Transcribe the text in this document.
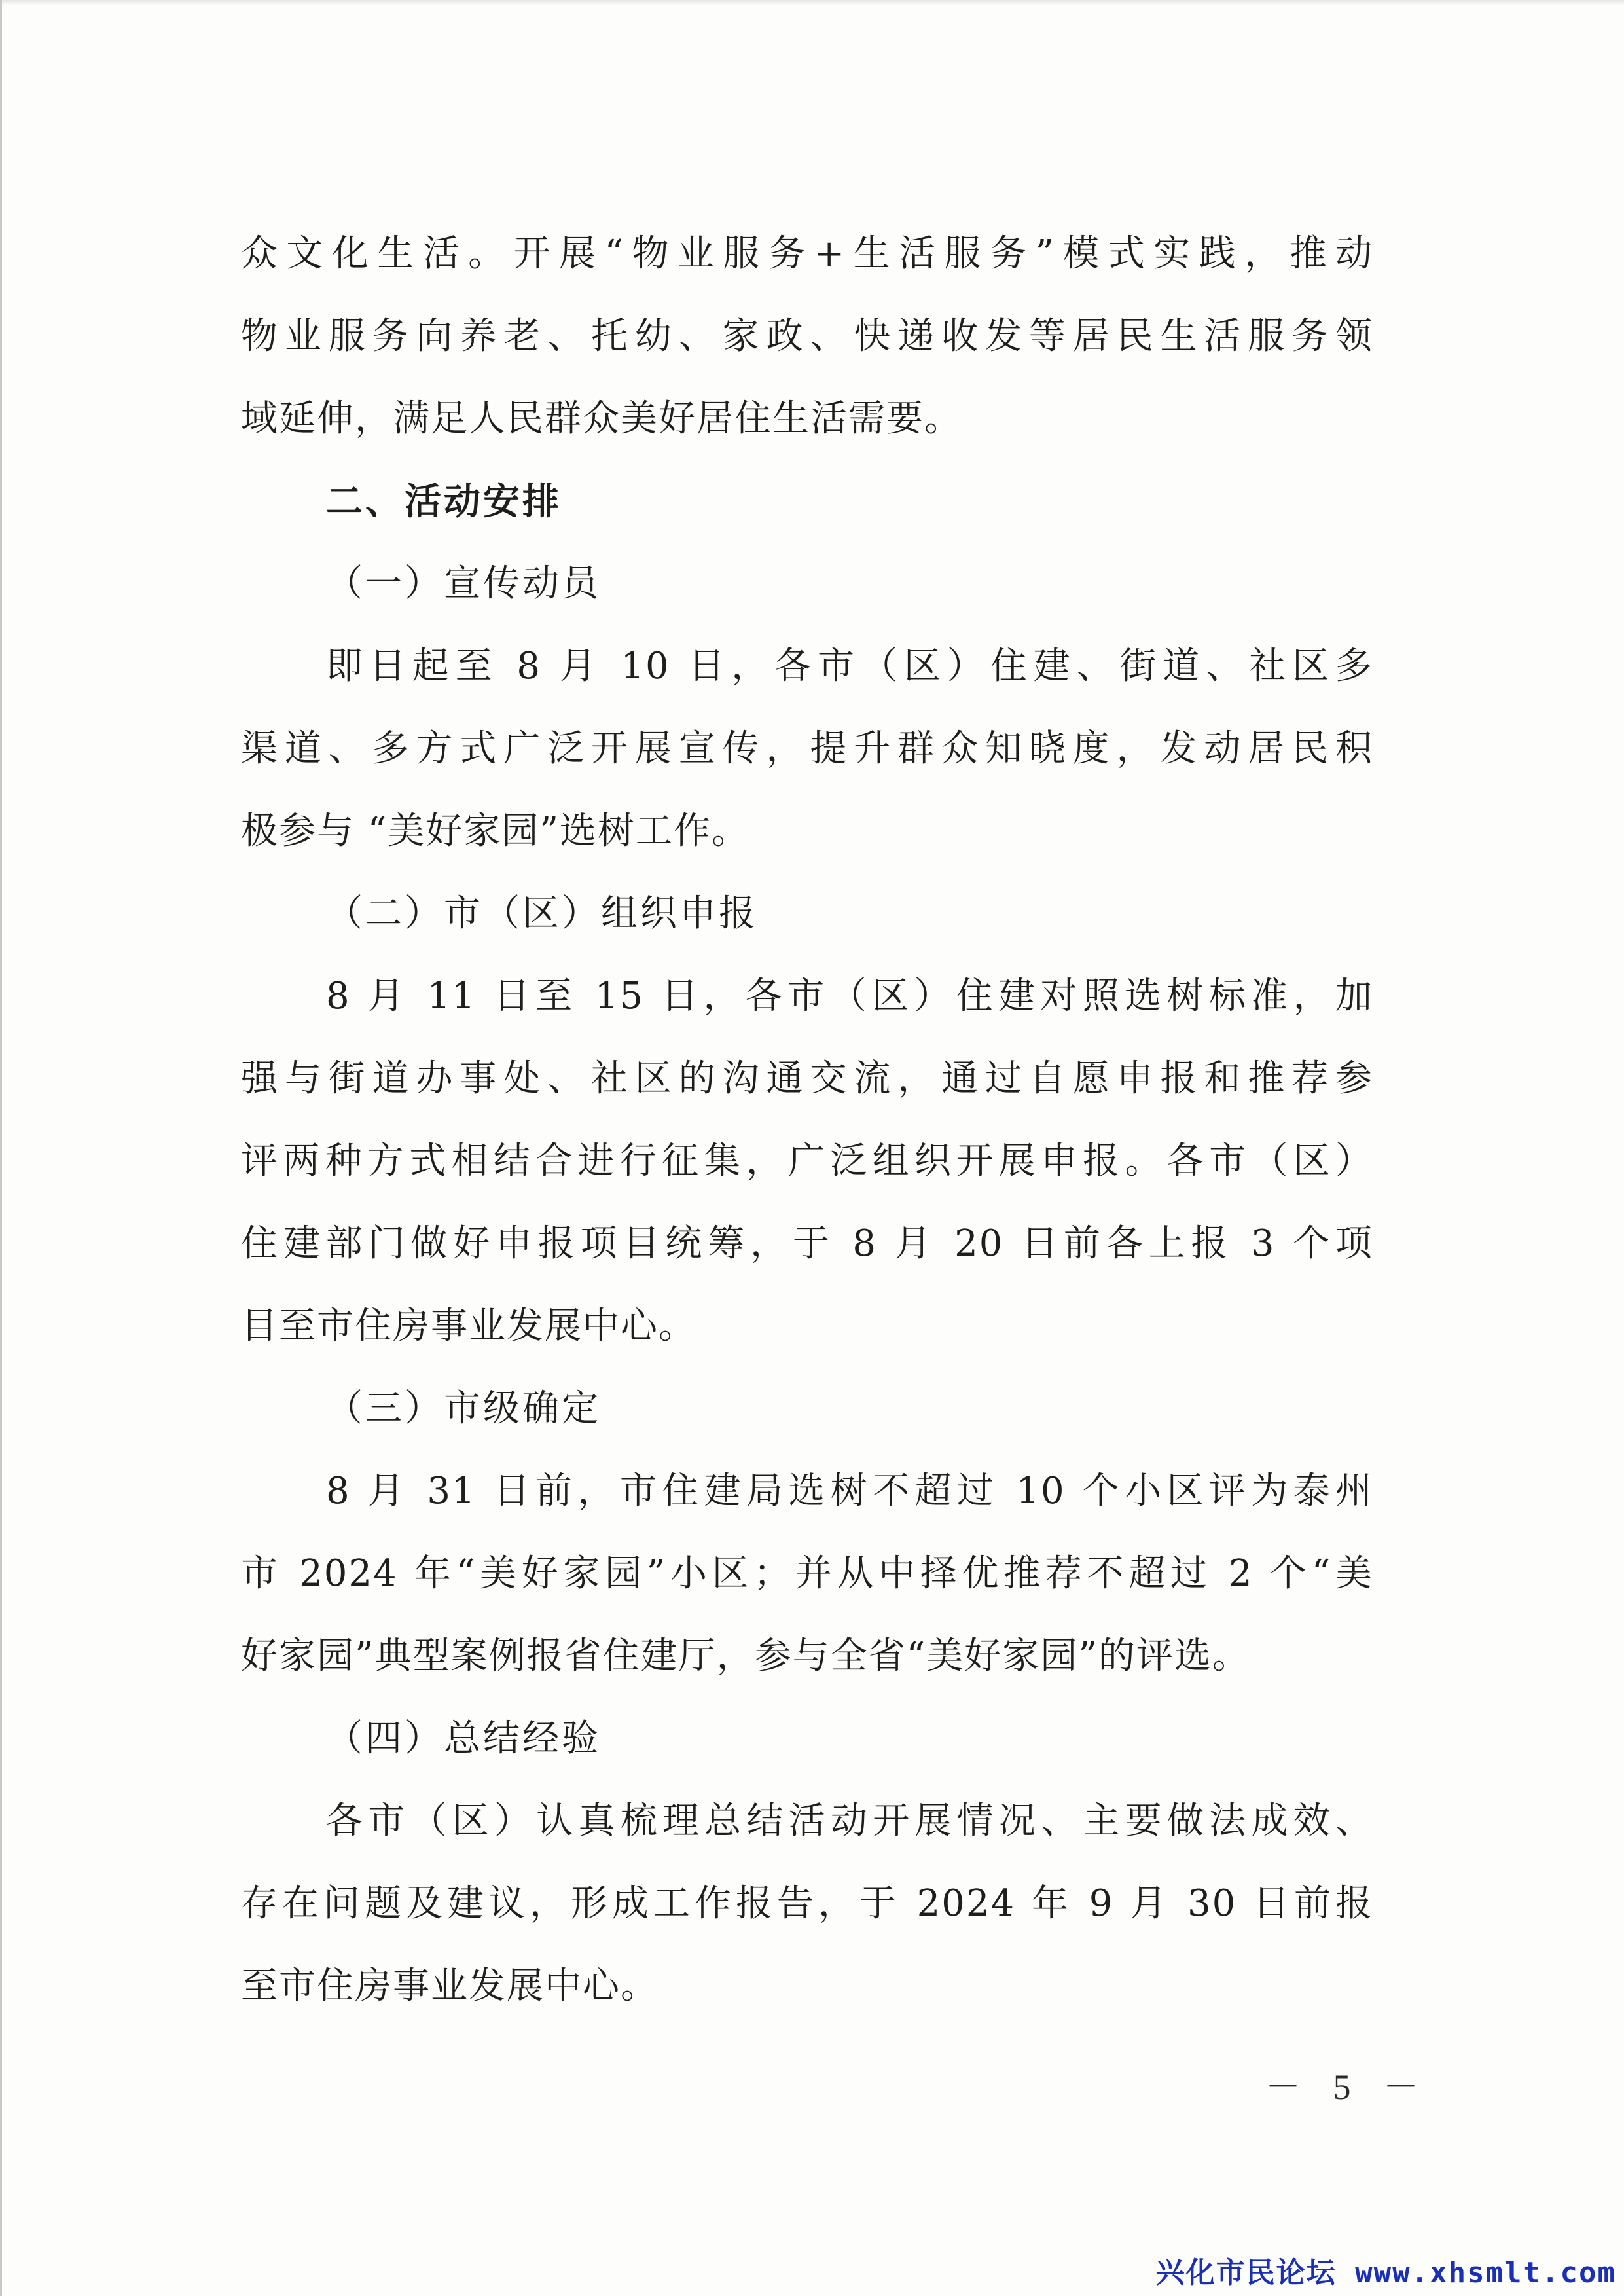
众文化生活。开展“物业服务+生活服务”模式实践，推动
物业服务向养老、托幼、家政、快递收发等居民生活服务领
域延伸，满足人民群众美好居住生活需要。
二、活动安排
（一）宣传动员
即日起至 8 月 10 日，各市（区）住建、街道、社区多
渠道、多方式广泛开展宣传，提升群众知晓度，发动居民积
极参与 “美好家园”选树工作。
（二）市（区）组织申报
8 月 11 日至 15 日，各市（区）住建对照选树标准，加
强与街道办事处、社区的沟通交流，通过自愿申报和推荐参
评两种方式相结合进行征集，广泛组织开展申报。各市（区）
住建部门做好申报项目统筹，于 8 月 20 日前各上报 3 个项
目至市住房事业发展中心。
（三）市级确定
8 月 31 日前，市住建局选树不超过 10 个小区评为泰州
市 2024 年“美好家园”小区；并从中择优推荐不超过 2 个“美
好家园”典型案例报省住建厅，参与全省“美好家园”的评选。
（四）总结经验
各市（区）认真梳理总结活动开展情况、主要做法成效、
存在问题及建议，形成工作报告，于 2024 年 9 月 30 日前报
至市住房事业发展中心。
－ 5 －
兴化市民论坛 www.xhsmlt.com
